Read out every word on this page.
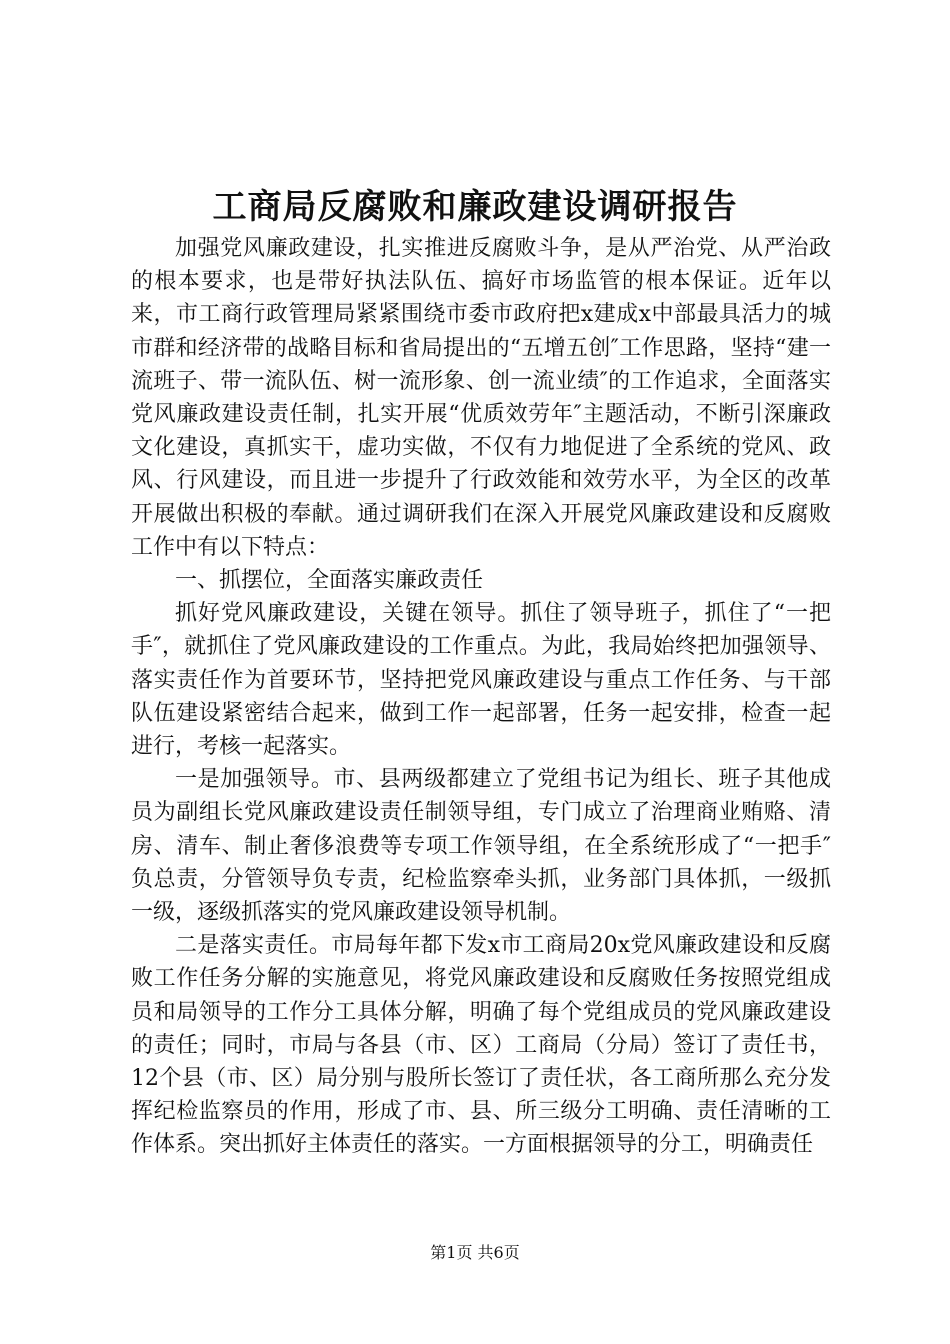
工商局反腐败和廉政建设调研报告

加强党风廉政建设，扎实推进反腐败斗争，是从严治党、从严治政的根本要求，也是带好执法队伍、搞好市场监管的根本保证。近年以来，市工商行政管理局紧紧围绕市委市政府把x建成x中部最具活力的城市群和经济带的战略目标和省局提出的“五增五创″工作思路，坚持“建一流班子、带一流队伍、树一流形象、创一流业绩″的工作追求，全面落实党风廉政建设责任制，扎实开展“优质效劳年″主题活动，不断引深廉政文化建设，真抓实干，虚功实做，不仅有力地促进了全系统的党风、政风、行风建设，而且进一步提升了行政效能和效劳水平，为全区的改革开展做出积极的奉献。通过调研我们在深入开展党风廉政建设和反腐败工作中有以下特点：

一、抓摆位，全面落实廉政责任

抓好党风廉政建设，关键在领导。抓住了领导班子，抓住了“一把手″，就抓住了党风廉政建设的工作重点。为此，我局始终把加强领导、落实责任作为首要环节，坚持把党风廉政建设与重点工作任务、与干部队伍建设紧密结合起来，做到工作一起部署，任务一起安排，检查一起进行，考核一起落实。

一是加强领导。市、县两级都建立了党组书记为组长、班子其他成员为副组长党风廉政建设责任制领导组，专门成立了治理商业贿赂、清房、清车、制止奢侈浪费等专项工作领导组，在全系统形成了“一把手″负总责，分管领导负专责，纪检监察牵头抓，业务部门具体抓，一级抓一级，逐级抓落实的党风廉政建设领导机制。

二是落实责任。市局每年都下发x市工商局20x党风廉政建设和反腐败工作任务分解的实施意见，将党风廉政建设和反腐败任务按照党组成员和局领导的工作分工具体分解，明确了每个党组成员的党风廉政建设的责任；同时，市局与各县（市、区）工商局（分局）签订了责任书，12个县（市、区）局分别与股所长签订了责任状，各工商所那么充分发挥纪检监察员的作用，形成了市、县、所三级分工明确、责任清晰的工作体系。突出抓好主体责任的落实。一方面根据领导的分工，明确责任

第1页 共6页
